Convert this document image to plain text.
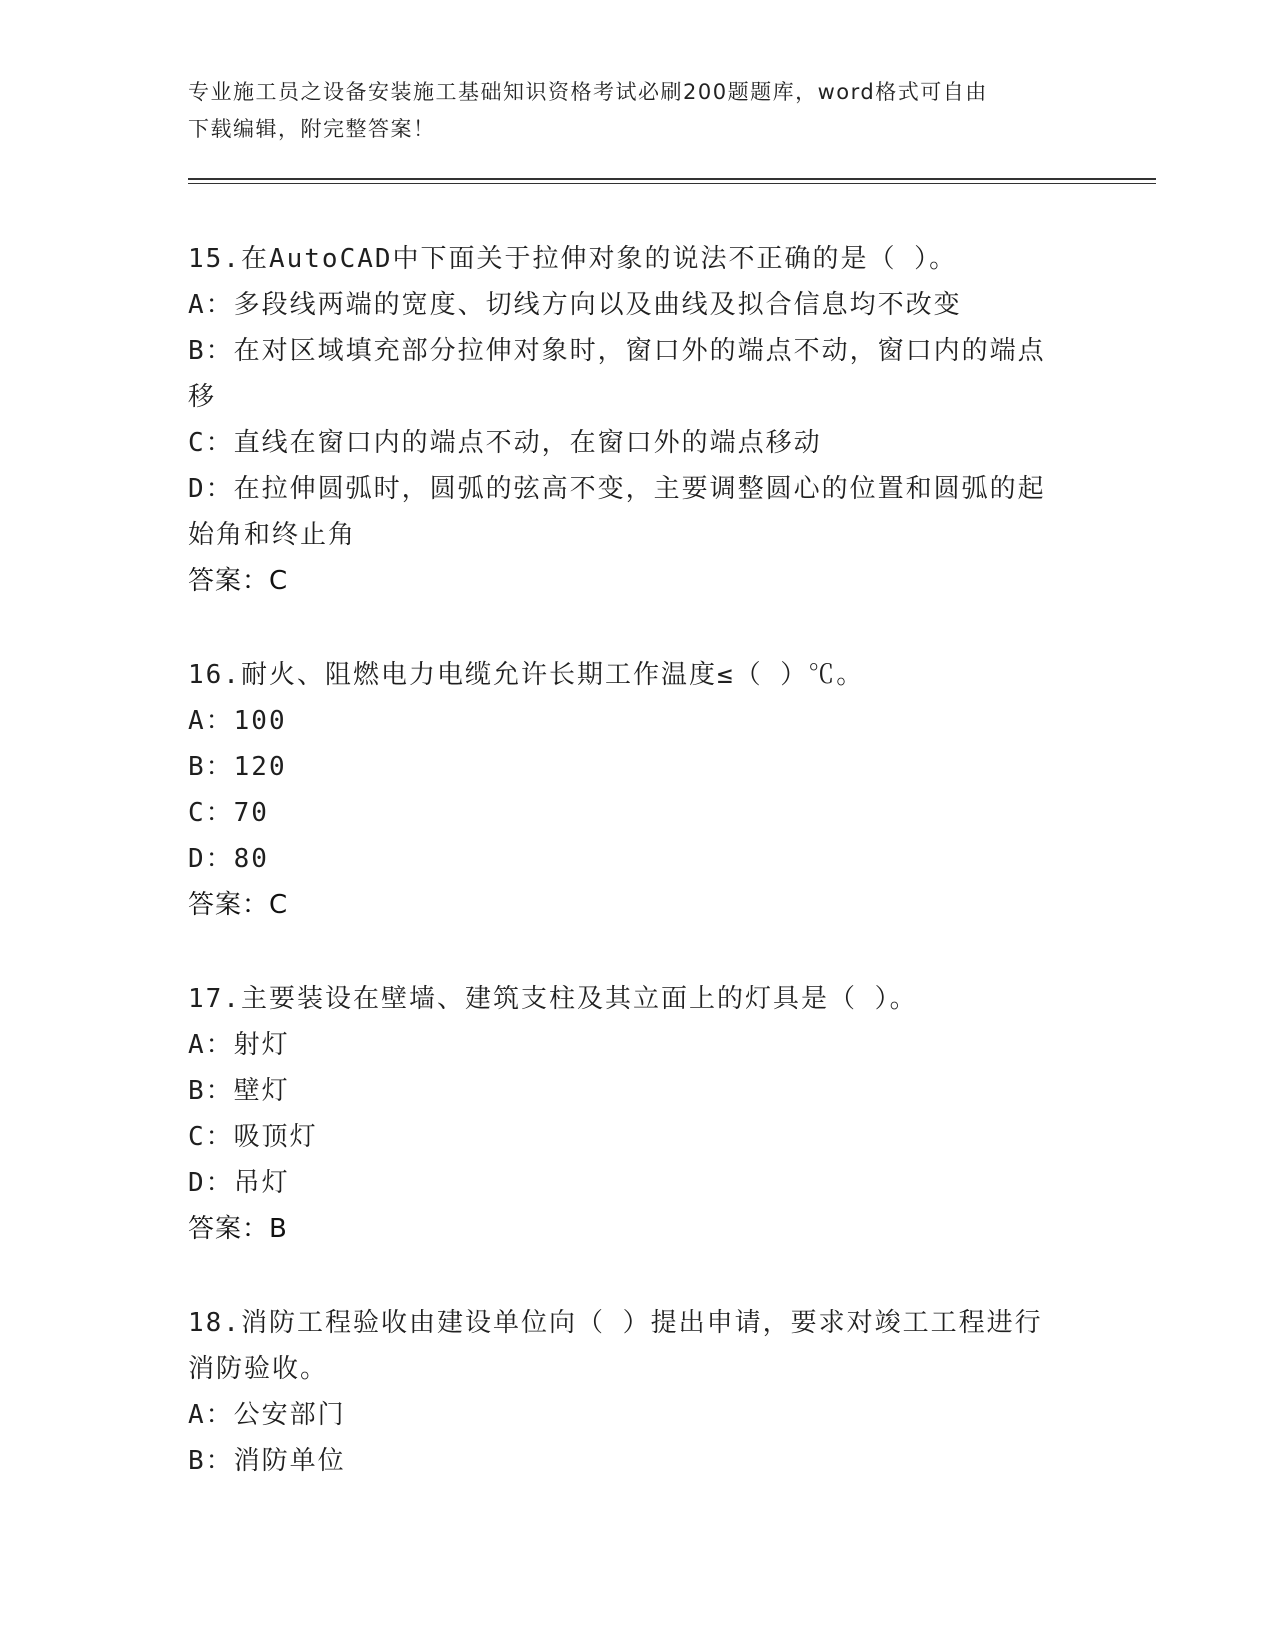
专业施工员之设备安装施工基础知识资格考试必刷200题题库，word格式可自由
下载编辑，附完整答案！
15.在AutoCAD中下面关于拉伸对象的说法不正确的是（ ）。
A：多段线两端的宽度、切线方向以及曲线及拟合信息均不改变
B：在对区域填充部分拉伸对象时，窗口外的端点不动，窗口内的端点
移
C：直线在窗口内的端点不动，在窗口外的端点移动
D：在拉伸圆弧时，圆弧的弦高不变，主要调整圆心的位置和圆弧的起
始角和终止角
答案：C
16.耐火、阻燃电力电缆允许长期工作温度≤（ ）℃。
A：100
B：120
C：70
D：80
答案：C
17.主要装设在壁墙、建筑支柱及其立面上的灯具是（ ）。
A：射灯
B：壁灯
C：吸顶灯
D：吊灯
答案：B
18.消防工程验收由建设单位向（ ）提出申请，要求对竣工工程进行
消防验收。
A：公安部门
B：消防单位
